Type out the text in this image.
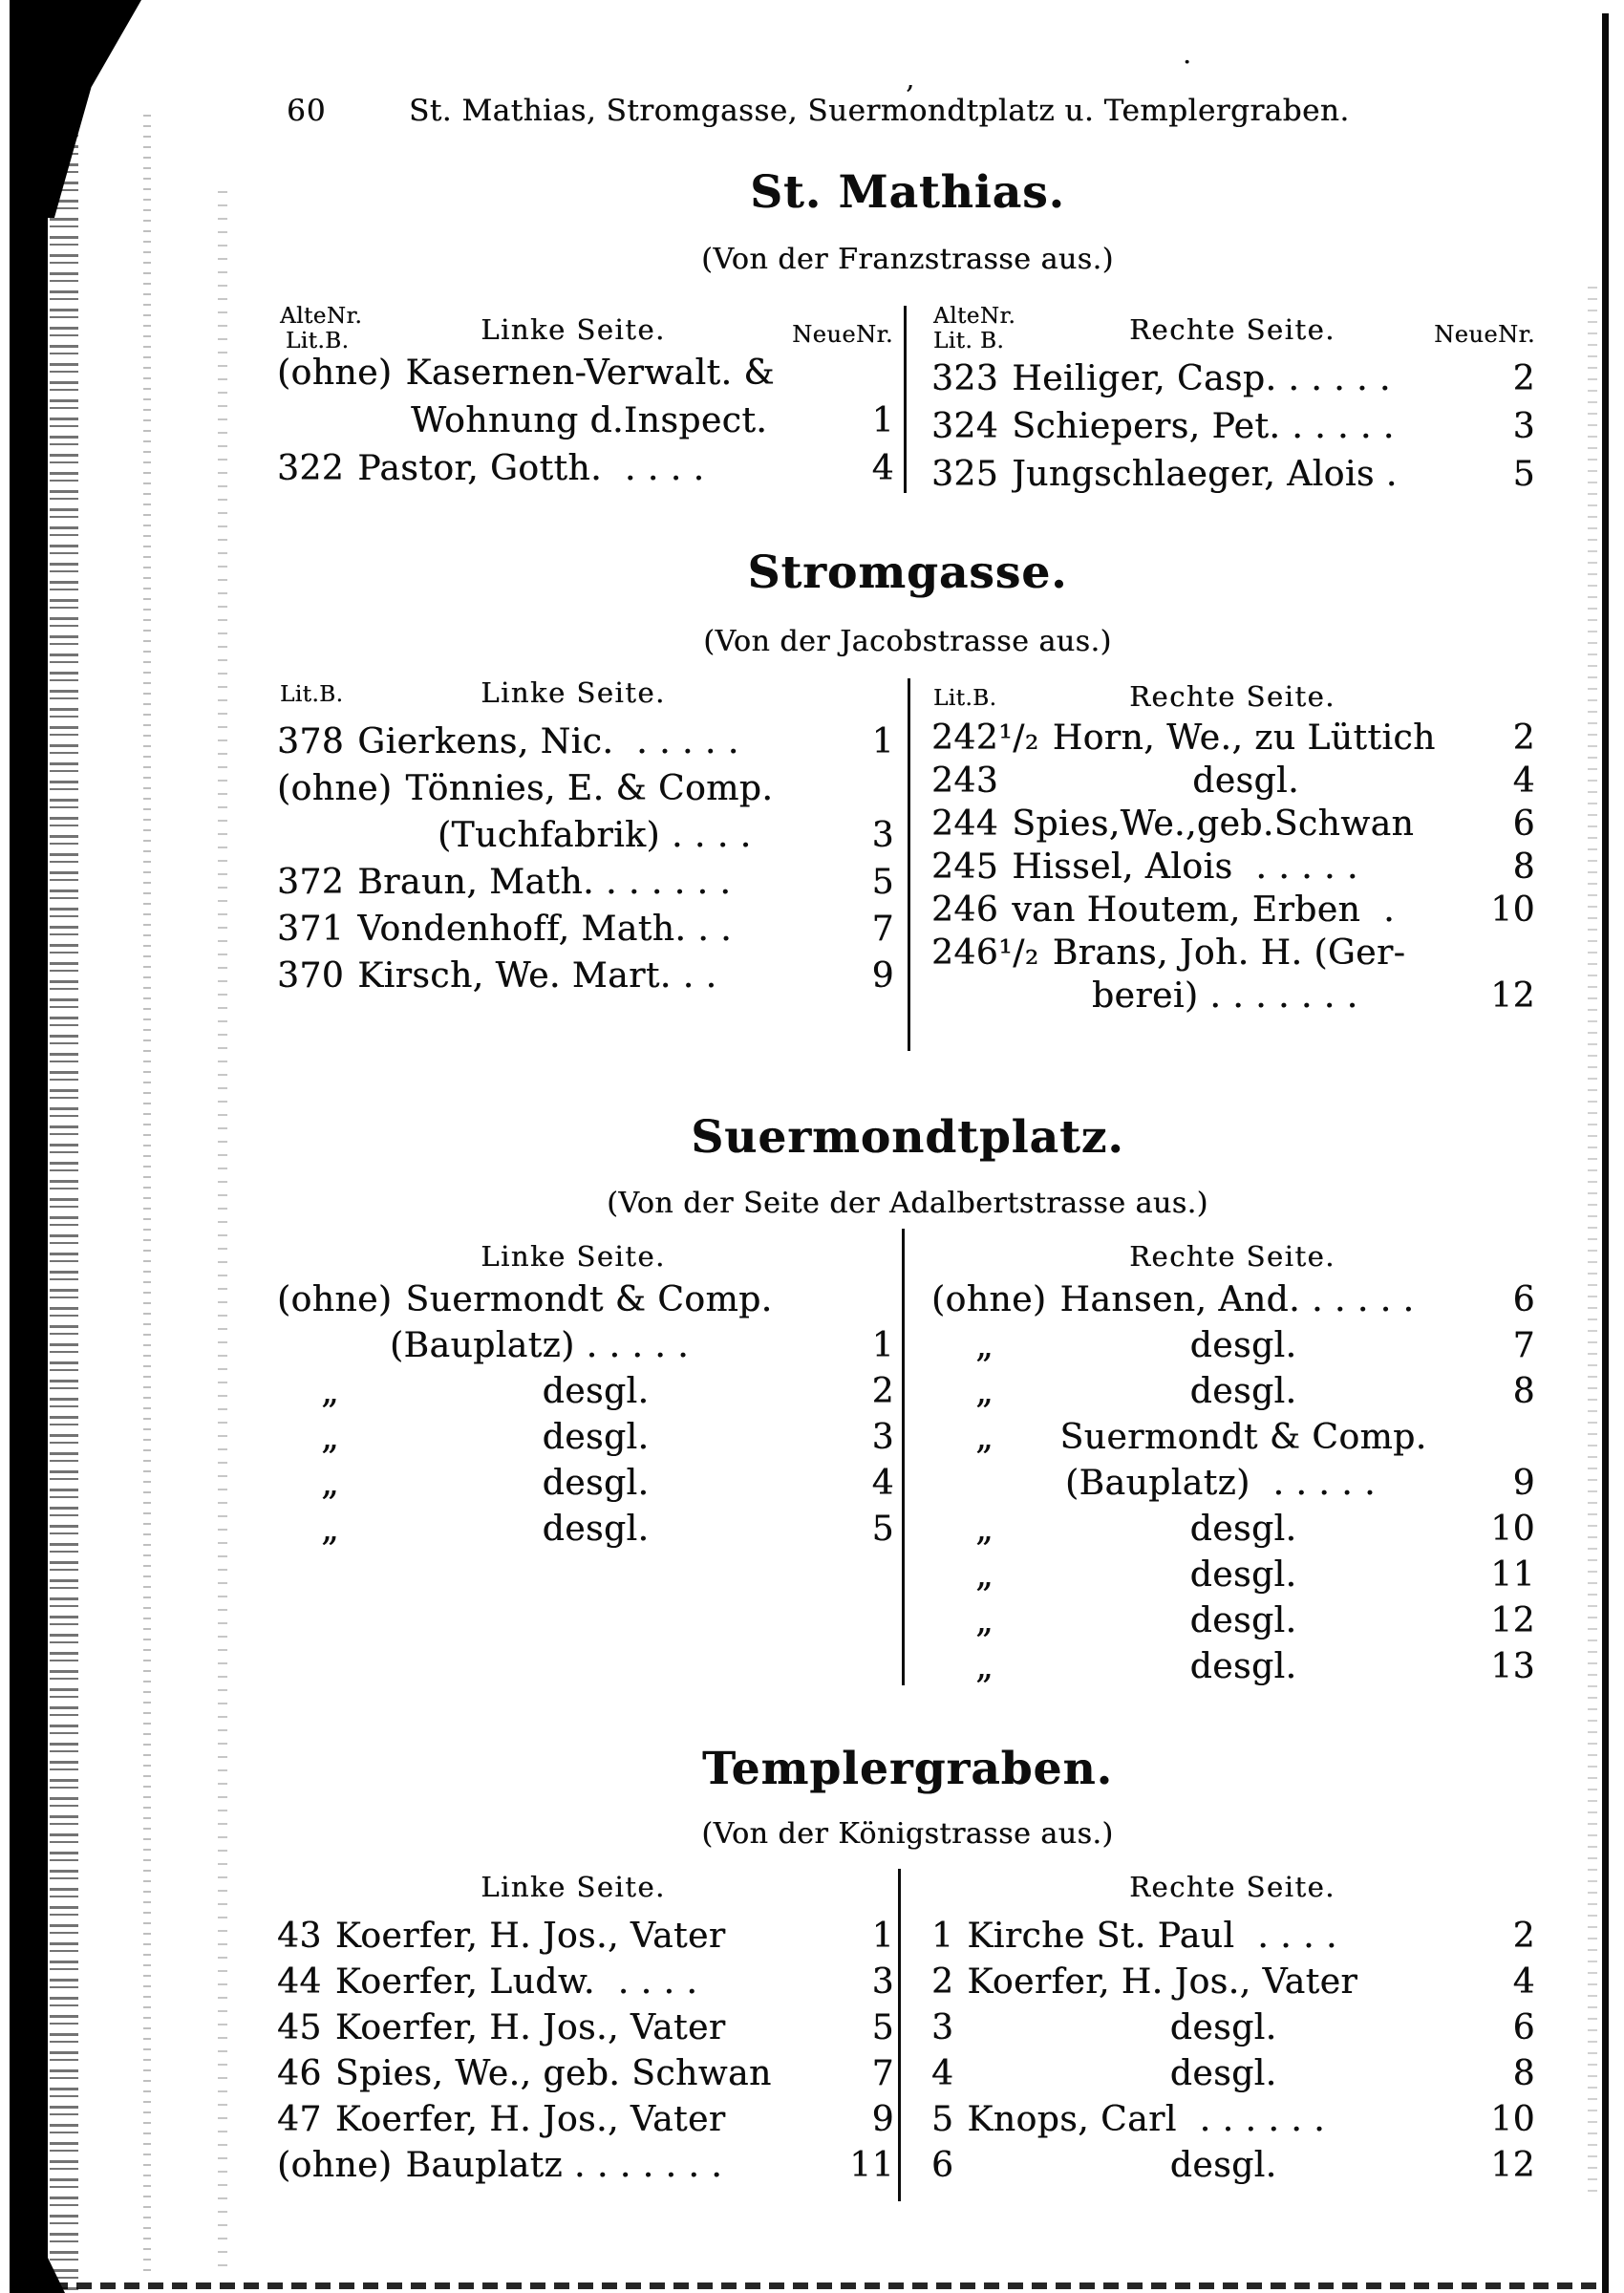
‚
.
60	St. Mathias, Stromgasse, Suermondtplatz u. Templergraben.
St. Mathias.
(Von der Franzstrasse aus.)
AlteNr.
Lit.B.	Linke Seite.	NeueNr.
AlteNr.
Lit. B.	Rechte Seite.	NeueNr.
(ohne) Kasernen-Verwalt. &
Wohnung d.Inspect.	1
322 Pastor, Gotth.  . . . .	4
323 Heiliger, Casp. . . . . .	2
324 Schiepers, Pet. . . . . .	3
325 Jungschlaeger, Alois .	5
Stromgasse.
(Von der Jacobstrasse aus.)
Lit.B.	Linke Seite.	Lit.B.	Rechte Seite.
378 Gierkens, Nic.  . . . . .	1
(ohne) Tönnies, E. & Comp.
(Tuchfabrik) . . . .	3
372 Braun, Math. . . . . . .	5
371 Vondenhoff, Math. . .	7
370 Kirsch, We. Mart. . .	9
242¹/₂ Horn, We., zu Lüttich	2
243	desgl.	4
244 Spies,We.,geb.Schwan	6
245 Hissel, Alois  . . . . .	8
246 van Houtem, Erben  .	10
246¹/₂ Brans, Joh. H. (Ger-
berei) . . . . . . .	12
Suermondtplatz.
(Von der Seite der Adalbertstrasse aus.)
Linke Seite.	Rechte Seite.
(ohne) Suermondt & Comp.
(Bauplatz) . . . . .	1
„	desgl.	2
„	desgl.	3
„	desgl.	4
„	desgl.	5
(ohne) Hansen, And. . . . . .	6
„	desgl.	7
„	desgl.	8
„	Suermondt & Comp.
(Bauplatz)  . . . . .	9
„	desgl.	10
„	desgl.	11
„	desgl.	12
„	desgl.	13
Templergraben.
(Von der Königstrasse aus.)
Linke Seite.	Rechte Seite.
43 Koerfer, H. Jos., Vater	1
44 Koerfer, Ludw.  . . . .	3
45 Koerfer, H. Jos., Vater	5
46 Spies, We., geb. Schwan	7
47 Koerfer, H. Jos., Vater	9
(ohne) Bauplatz . . . . . . .	11
1 Kirche St. Paul  . . . .	2
2 Koerfer, H. Jos., Vater	4
3	desgl.	6
4	desgl.	8
5 Knops, Carl  . . . . . .	10
6	desgl.	12
